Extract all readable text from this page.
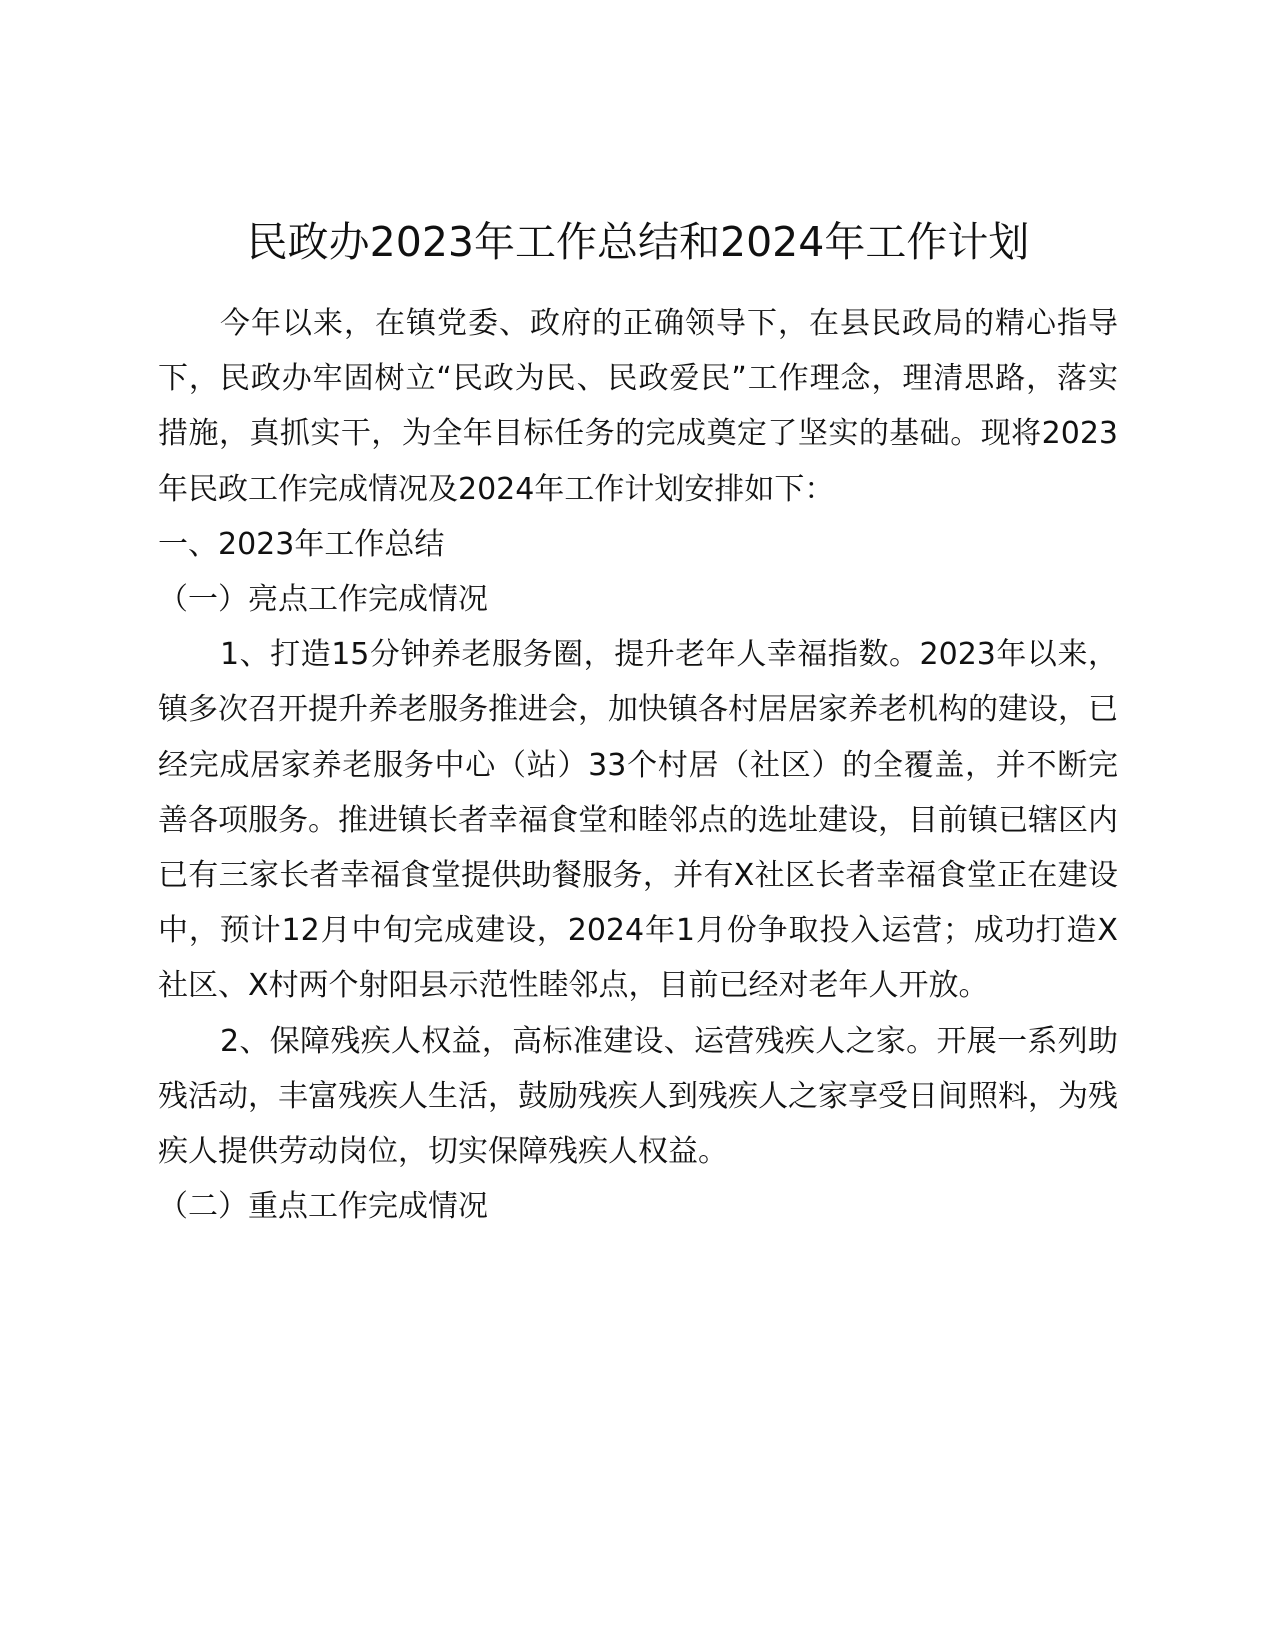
民政办2023年工作总结和2024年工作计划

今年以来，在镇党委、政府的正确领导下，在县民政局的精心指导下，民政办牢固树立“民政为民、民政爱民”工作理念，理清思路，落实措施，真抓实干，为全年目标任务的完成奠定了坚实的基础。现将2023年民政工作完成情况及2024年工作计划安排如下：

一、2023年工作总结

（一）亮点工作完成情况

1、打造15分钟养老服务圈，提升老年人幸福指数。2023年以来，镇多次召开提升养老服务推进会，加快镇各村居居家养老机构的建设，已经完成居家养老服务中心（站）33个村居（社区）的全覆盖，并不断完善各项服务。推进镇长者幸福食堂和睦邻点的选址建设，目前镇已辖区内已有三家长者幸福食堂提供助餐服务，并有X社区长者幸福食堂正在建设中，预计12月中旬完成建设，2024年1月份争取投入运营；成功打造X社区、X村两个射阳县示范性睦邻点，目前已经对老年人开放。

2、保障残疾人权益，高标准建设、运营残疾人之家。开展一系列助残活动，丰富残疾人生活，鼓励残疾人到残疾人之家享受日间照料，为残疾人提供劳动岗位，切实保障残疾人权益。

（二）重点工作完成情况
